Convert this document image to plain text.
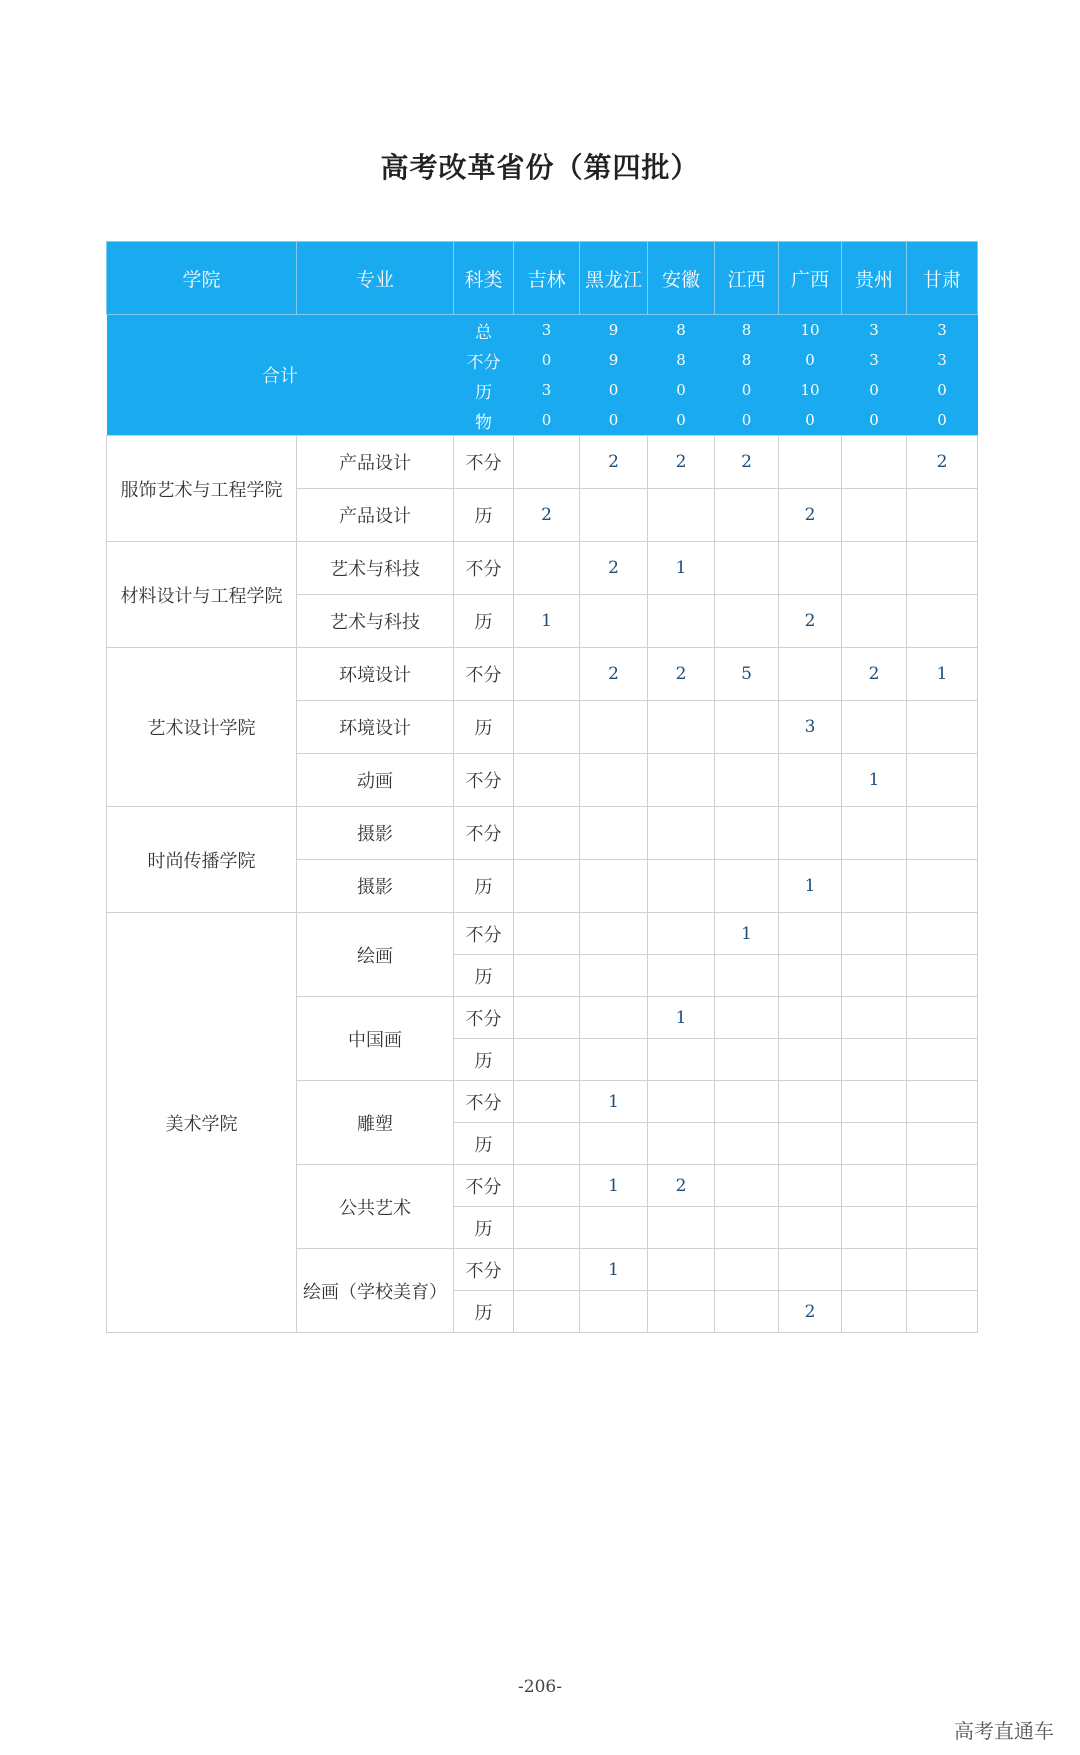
高考改革省份（第四批）
学院	专业	科类	吉林	黑龙江	安徽	江西	广西	贵州	甘肃
合计		总	3	9	8	8	10	3	3
		不分	0	9	8	8	0	3	3
		历	3	0	0	0	10	0	0
		物	0	0	0	0	0	0	0
服饰艺术与工程学院	产品设计	不分		2	2	2			2
	产品设计	历	2				2		
材料设计与工程学院	艺术与科技	不分		2	1				
	艺术与科技	历	1				2		
艺术设计学院	环境设计	不分		2	2	5		2	1
	环境设计	历					3		
	动画	不分						1	
时尚传播学院	摄影	不分							
	摄影	历					1		
美术学院	绘画	不分				1			
		历							
	中国画	不分			1				
		历							
	雕塑	不分		1					
		历							
	公共艺术	不分		1	2				
		历							
	绘画（学校美育）	不分		1					
		历					2		
-206-
高考直通车
